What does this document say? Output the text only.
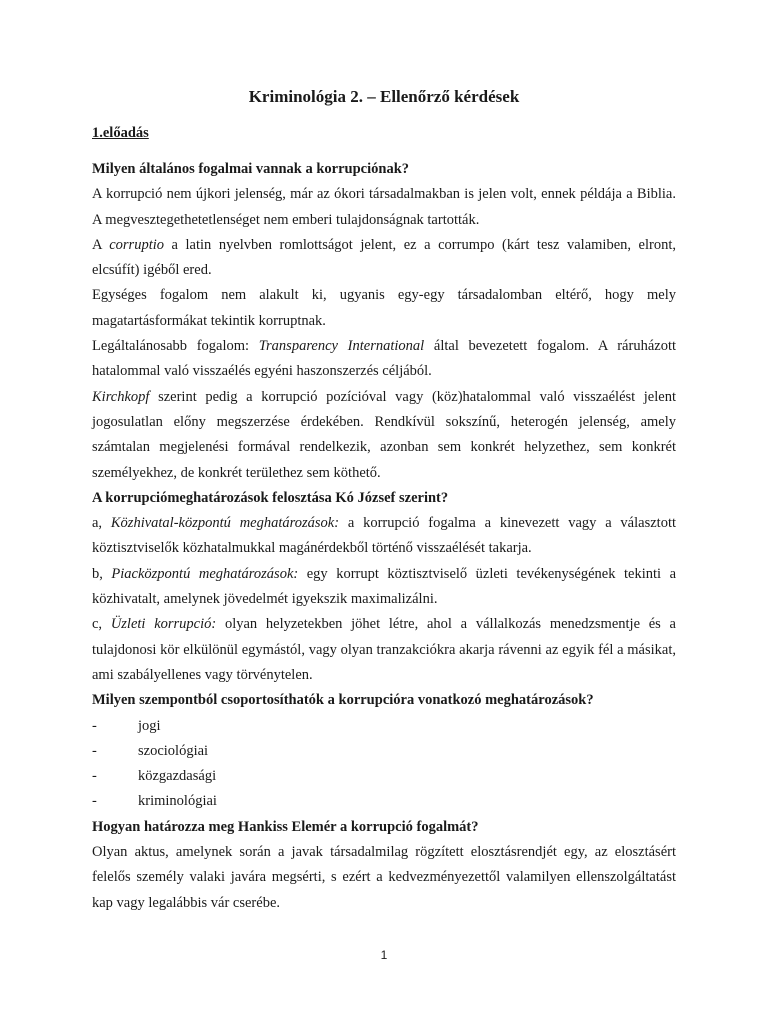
Kriminológia 2. – Ellenőrző kérdések
1.előadás

Milyen általános fogalmai vannak a korrupciónak?

A korrupció nem újkori jelenség, már az ókori társadalmakban is jelen volt, ennek példája a Biblia. A megvesztegethetetlenséget nem emberi tulajdonságnak tartották.

A corruptio a latin nyelvben romlottságot jelent, ez a corrumpo (kárt tesz valamiben, elront, elcsúfít) igéből ered.

Egységes fogalom nem alakult ki, ugyanis egy-egy társadalomban eltérő, hogy mely magatartásformákat tekintik korruptnak.

Legáltalánosabb fogalom: Transparency International által bevezetett fogalom. A ráruházott hatalommal való visszaélés egyéni haszonszerzés céljából.

Kirchkopf szerint pedig a korrupció pozícióval vagy (köz)hatalommal való visszaélést jelent jogosulatlan előny megszerzése érdekében. Rendkívül sokszínű, heterogén jelenség, amely számtalan megjelenési formával rendelkezik, azonban sem konkrét helyzethez, sem konkrét személyekhez, de konkrét területhez sem köthető.

A korrupciómeghatározások felosztása Kó József szerint?

a, Közhivatal-központú meghatározások: a korrupció fogalma a kinevezett vagy a választott köztisztviselők közhatalmukkal magánérdekből történő visszaélését takarja.

b, Piacközpontú meghatározások: egy korrupt köztisztviselő üzleti tevékenységének tekinti a közhivatalt, amelynek jövedelmét igyekszik maximalizálni.

c, Üzleti korrupció: olyan helyzetekben jöhet létre, ahol a vállalkozás menedzsmentje és a tulajdonosi kör elkülönül egymástól, vagy olyan tranzakciókra akarja rávenni az egyik fél a másikat, ami szabályellenes vagy törvénytelen.

Milyen szempontból csoportosíthatók a korrupcióra vonatkozó meghatározások?

-	jogi
-	szociológiai
-	közgazdasági
-	kriminológiai

Hogyan határozza meg Hankiss Elemér a korrupció fogalmát?

Olyan aktus, amelynek során a javak társadalmilag rögzített elosztásrendjét egy, az elosztásért felelős személy valaki javára megsérti, s ezért a kedvezményezettől valamilyen ellenszolgáltatást kap vagy legalábbis vár cserébe.

1
